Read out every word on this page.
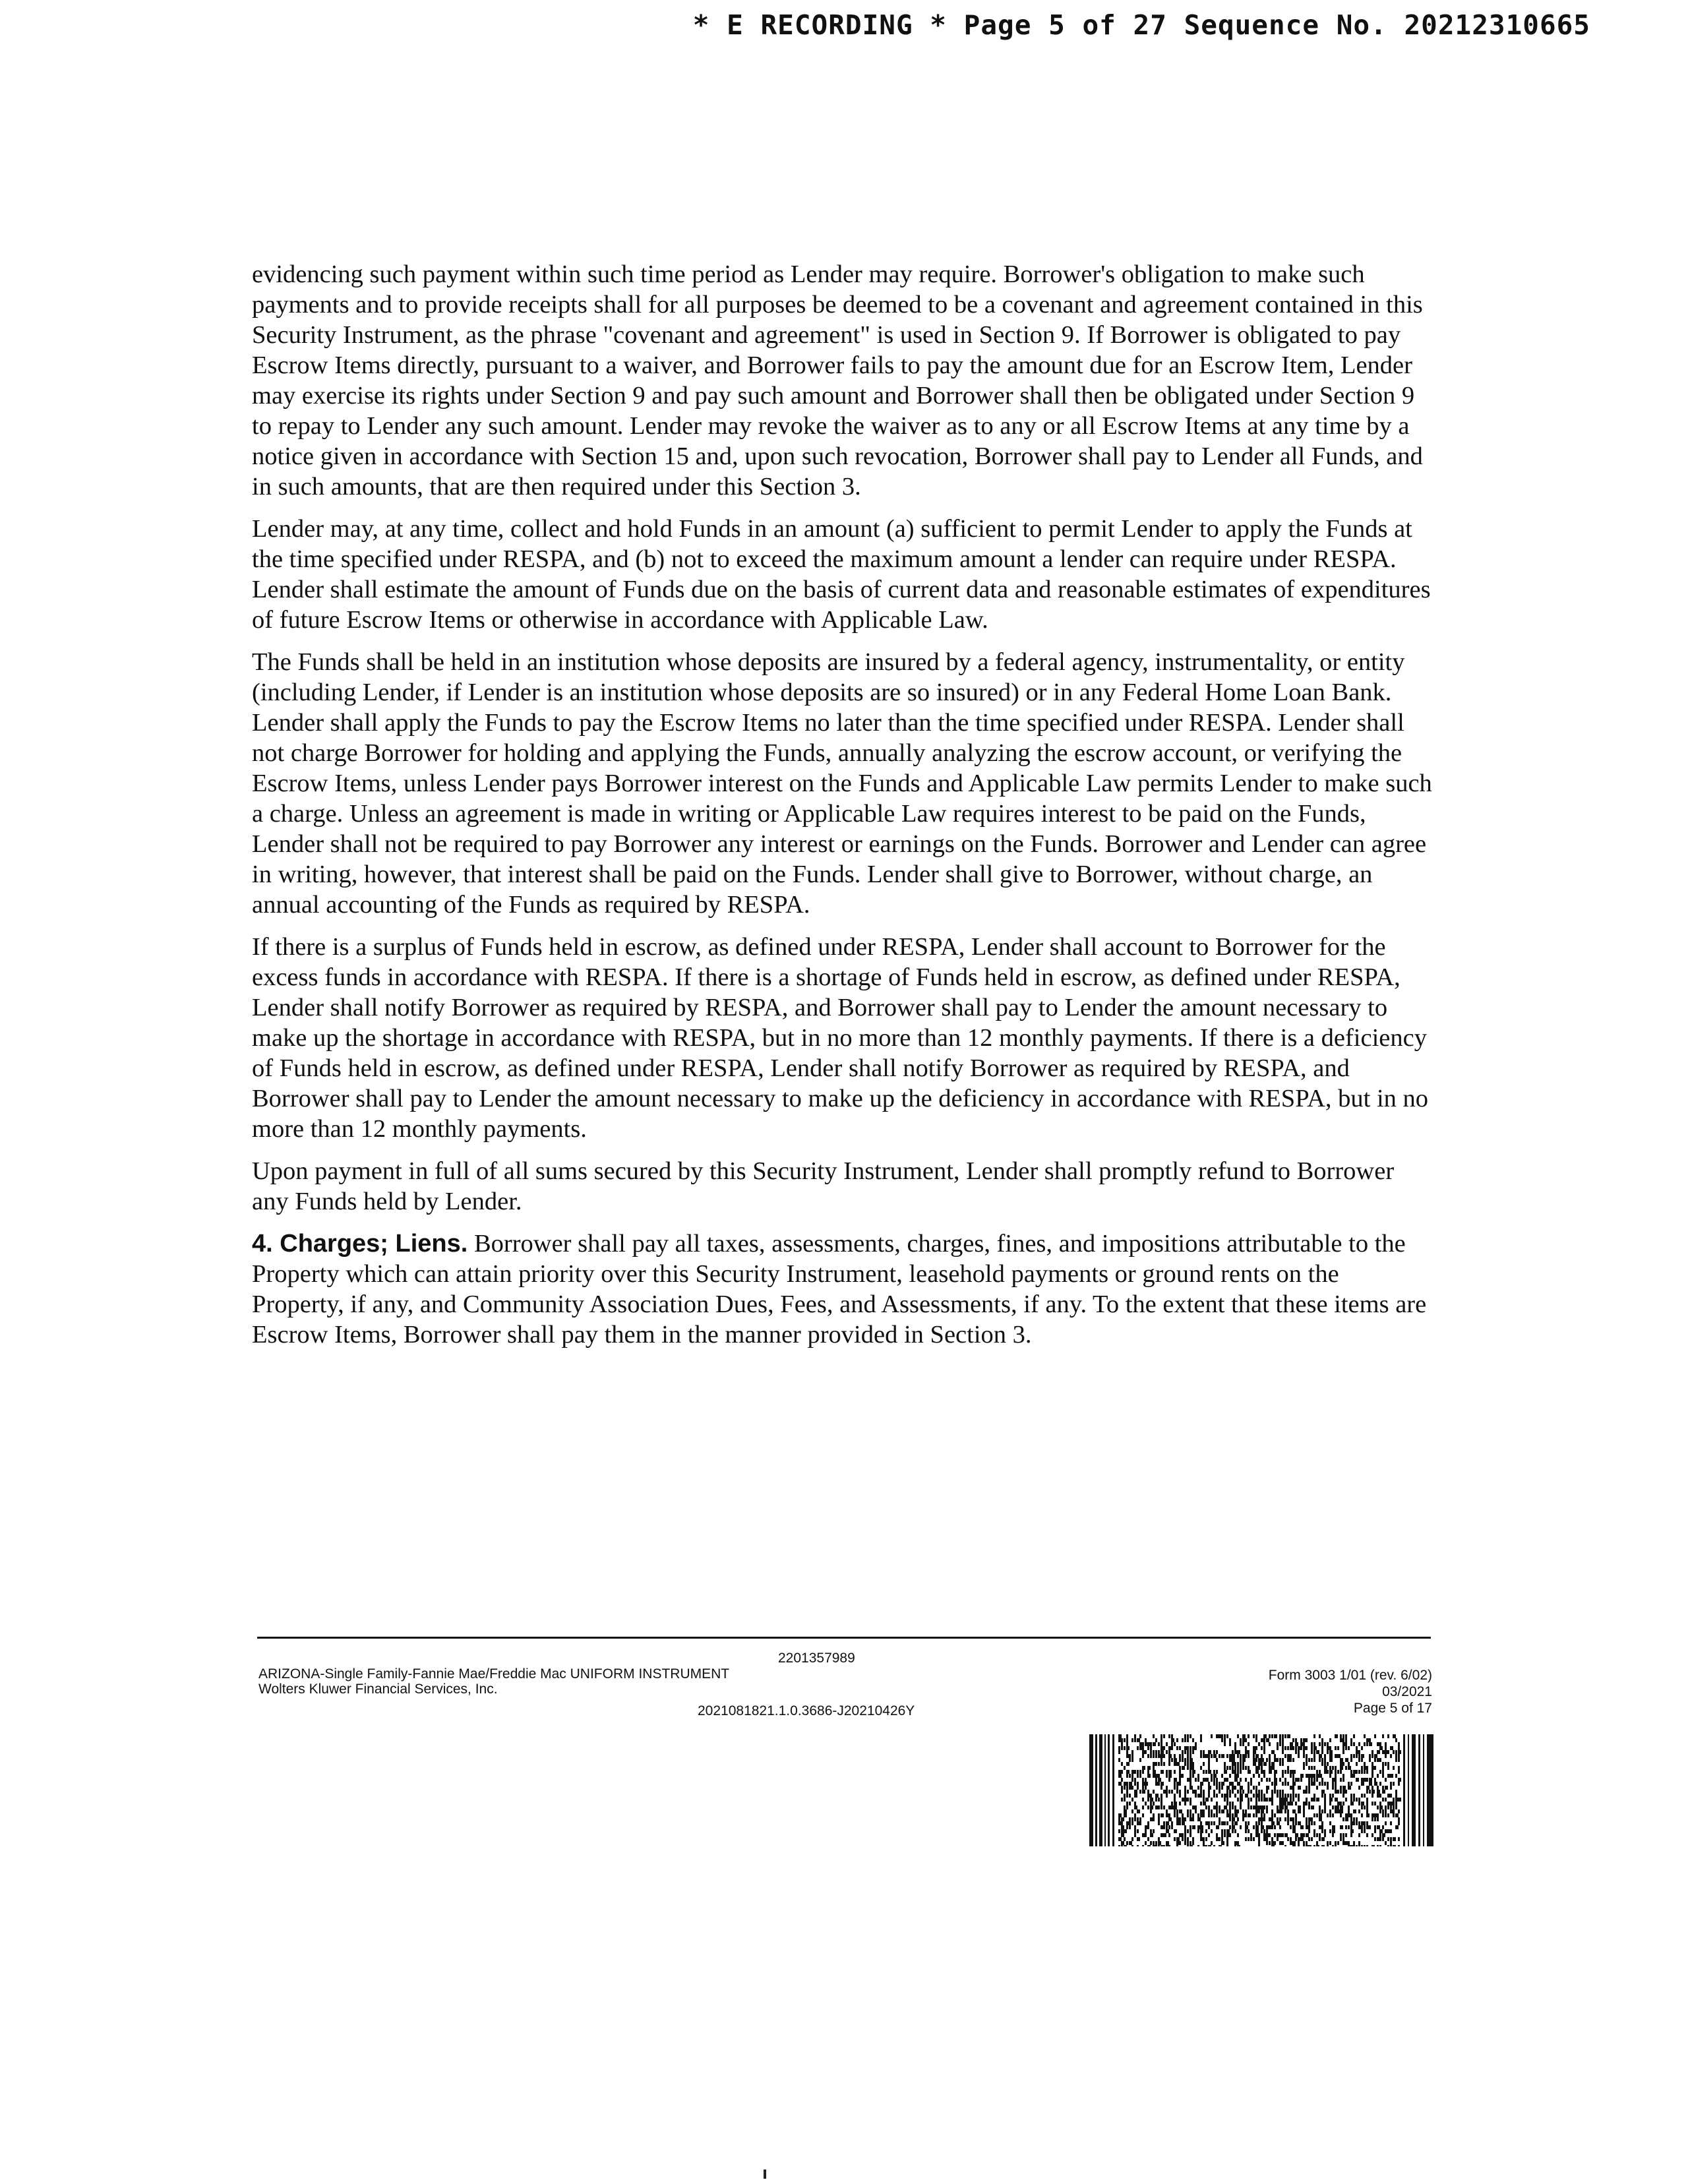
* E RECORDING * Page 5 of 27 Sequence No. 20212310665

evidencing such payment within such time period as Lender may require. Borrower's obligation to make such payments and to provide receipts shall for all purposes be deemed to be a covenant and agreement contained in this Security Instrument, as the phrase "covenant and agreement" is used in Section 9. If Borrower is obligated to pay Escrow Items directly, pursuant to a waiver, and Borrower fails to pay the amount due for an Escrow Item, Lender may exercise its rights under Section 9 and pay such amount and Borrower shall then be obligated under Section 9 to repay to Lender any such amount. Lender may revoke the waiver as to any or all Escrow Items at any time by a notice given in accordance with Section 15 and, upon such revocation, Borrower shall pay to Lender all Funds, and in such amounts, that are then required under this Section 3.

Lender may, at any time, collect and hold Funds in an amount (a) sufficient to permit Lender to apply the Funds at the time specified under RESPA, and (b) not to exceed the maximum amount a lender can require under RESPA. Lender shall estimate the amount of Funds due on the basis of current data and reasonable estimates of expenditures of future Escrow Items or otherwise in accordance with Applicable Law.

The Funds shall be held in an institution whose deposits are insured by a federal agency, instrumentality, or entity (including Lender, if Lender is an institution whose deposits are so insured) or in any Federal Home Loan Bank. Lender shall apply the Funds to pay the Escrow Items no later than the time specified under RESPA. Lender shall not charge Borrower for holding and applying the Funds, annually analyzing the escrow account, or verifying the Escrow Items, unless Lender pays Borrower interest on the Funds and Applicable Law permits Lender to make such a charge. Unless an agreement is made in writing or Applicable Law requires interest to be paid on the Funds, Lender shall not be required to pay Borrower any interest or earnings on the Funds. Borrower and Lender can agree in writing, however, that interest shall be paid on the Funds. Lender shall give to Borrower, without charge, an annual accounting of the Funds as required by RESPA.

If there is a surplus of Funds held in escrow, as defined under RESPA, Lender shall account to Borrower for the excess funds in accordance with RESPA. If there is a shortage of Funds held in escrow, as defined under RESPA, Lender shall notify Borrower as required by RESPA, and Borrower shall pay to Lender the amount necessary to make up the shortage in accordance with RESPA, but in no more than 12 monthly payments. If there is a deficiency of Funds held in escrow, as defined under RESPA, Lender shall notify Borrower as required by RESPA, and Borrower shall pay to Lender the amount necessary to make up the deficiency in accordance with RESPA, but in no more than 12 monthly payments.

Upon payment in full of all sums secured by this Security Instrument, Lender shall promptly refund to Borrower any Funds held by Lender.

4. Charges; Liens. Borrower shall pay all taxes, assessments, charges, fines, and impositions attributable to the Property which can attain priority over this Security Instrument, leasehold payments or ground rents on the Property, if any, and Community Association Dues, Fees, and Assessments, if any. To the extent that these items are Escrow Items, Borrower shall pay them in the manner provided in Section 3.

2201357989
ARIZONA-Single Family-Fannie Mae/Freddie Mac UNIFORM INSTRUMENT
Wolters Kluwer Financial Services, Inc.
2021081821.1.0.3686-J20210426Y
Form 3003 1/01 (rev. 6/02)
03/2021
Page 5 of 17
